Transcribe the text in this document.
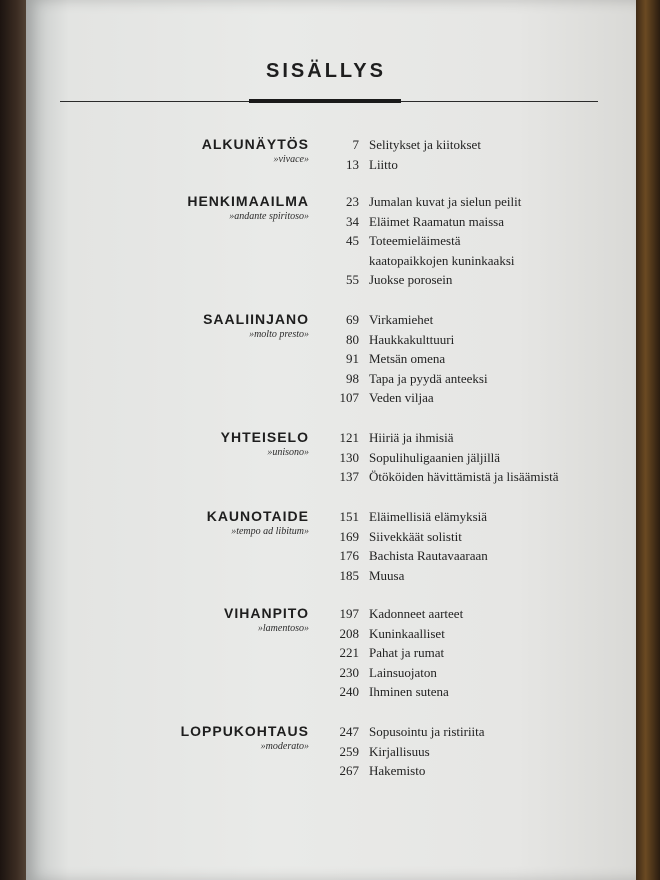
SISÄLLYS
ALKUNÄYTÖS
»vivace»
7 Selitykset ja kiitokset
13 Liitto
HENKIMAAILMA
»andante spiritoso»
23 Jumalan kuvat ja sielun peilit
34 Eläimet Raamatun maissa
45 Toteemieläimestä
kaatopaikkojen kuninkaaksi
55 Juokse porosein
SAALIINJANO
»molto presto»
69 Virkamiehet
80 Haukkakulttuuri
91 Metsän omena
98 Tapa ja pyydä anteeksi
107 Veden viljaa
YHTEISELO
»unisono»
121 Hiiriä ja ihmisiä
130 Sopulihuligaanien jäljillä
137 Ötököiden hävittämistä ja lisäämistä
KAUNOTAIDE
»tempo ad libitum»
151 Eläimellisiä elämyksiä
169 Siivekkäät solistit
176 Bachista Rautavaaraan
185 Muusa
VIHANPITO
»lamentoso»
197 Kadonneet aarteet
208 Kuninkaalliset
221 Pahat ja rumat
230 Lainsuojaton
240 Ihminen sutena
LOPPUKOHTAUS
»moderato»
247 Sopusointu ja ristiriita
259 Kirjallisuus
267 Hakemisto
